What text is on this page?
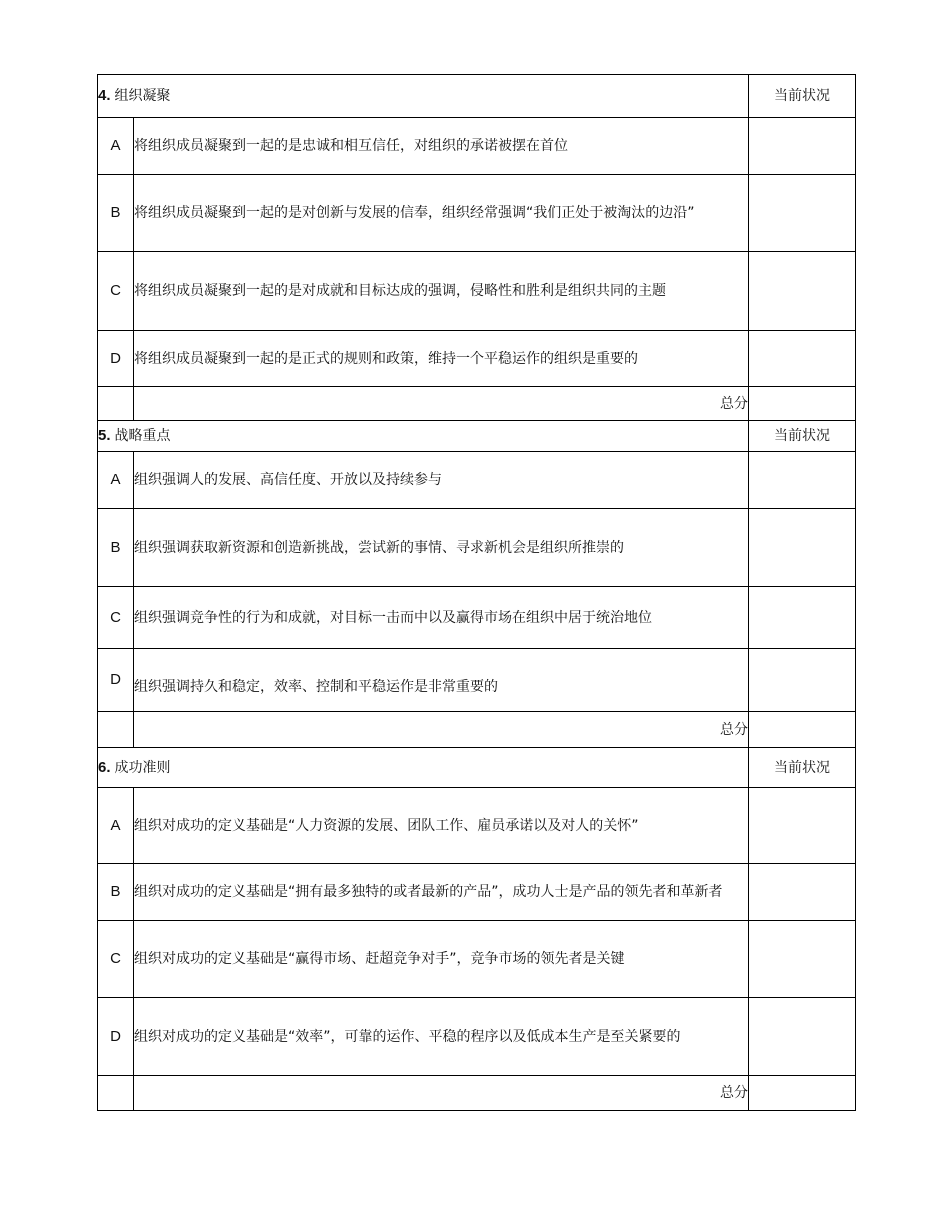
4. 组织凝聚		当前状况
A	将组织成员凝聚到一起的是忠诚和相互信任，对组织的承诺被摆在首位	
B	将组织成员凝聚到一起的是对创新与发展的信奉，组织经常强调“我们正处于被淘汰的边沿”	
C	将组织成员凝聚到一起的是对成就和目标达成的强调，侵略性和胜利是组织共同的主题	
D	将组织成员凝聚到一起的是正式的规则和政策，维持一个平稳运作的组织是重要的	
	总分	
5. 战略重点		当前状况
A	组织强调人的发展、高信任度、开放以及持续参与	
B	组织强调获取新资源和创造新挑战，尝试新的事情、寻求新机会是组织所推崇的	
C	组织强调竞争性的行为和成就，对目标一击而中以及赢得市场在组织中居于统治地位	
D	组织强调持久和稳定，效率、控制和平稳运作是非常重要的	
	总分	
6. 成功准则		当前状况
A	组织对成功的定义基础是“人力资源的发展、团队工作、雇员承诺以及对人的关怀”	
B	组织对成功的定义基础是“拥有最多独特的或者最新的产品”，成功人士是产品的领先者和革新者	
C	组织对成功的定义基础是“赢得市场、赶超竞争对手”，竞争市场的领先者是关键	
D	组织对成功的定义基础是“效率”，可靠的运作、平稳的程序以及低成本生产是至关紧要的	
	总分	
